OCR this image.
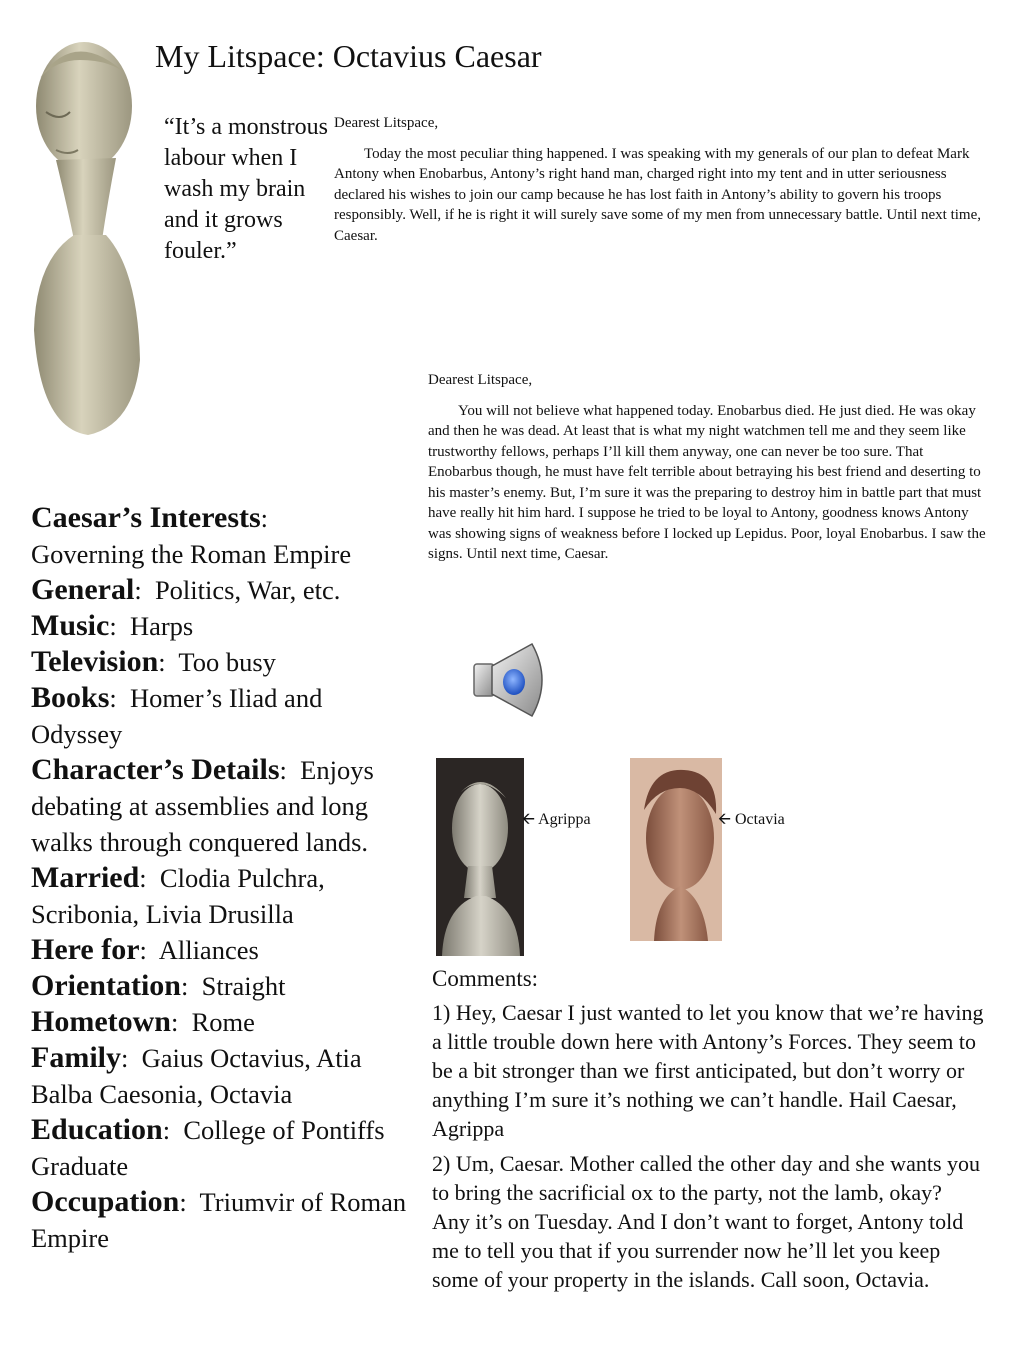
My Litspace: Octavius Caesar
“It’s a monstrous labour when I wash my brain and it grows fouler.”

Dearest Litspace,

Today the most peculiar thing happened. I was speaking with my generals of our plan to defeat Mark Antony when Enobarbus, Antony’s right hand man, charged right into my tent and in utter seriousness declared his wishes to join our camp because he has lost faith in Antony’s ability to govern his troops responsibly. Well, if he is right it will surely save some of my men from unnecessary battle. Until next time, Caesar.

Dearest Litspace,

You will not believe what happened today. Enobarbus died. He just died. He was okay and then he was dead. At least that is what my night watchmen tell me and they seem like trustworthy fellows, perhaps I’ll kill them anyway, one can never be too sure. That Enobarbus though, he must have felt terrible about betraying his best friend and deserting to his master’s enemy. But, I’m sure it was the preparing to destroy him in battle part that must have really hit him hard. I suppose he tried to be loyal to Antony, goodness knows Antony was showing signs of weakness before I locked up Lepidus. Poor, loyal Enobarbus. I saw the signs. Until next time, Caesar.

Caesar’s Interests:
Governing the Roman Empire

General:  Politics, War, etc.

Music:  Harps

Television:  Too busy

Books:  Homer’s Iliad and Odyssey

Character’s Details:  Enjoys debating at assemblies and long walks through conquered lands.

Married:  Clodia Pulchra, Scribonia, Livia Drusilla

Here for:  Alliances

Orientation:  Straight

Hometown:  Rome

Family:  Gaius Octavius, Atia Balba Caesonia, Octavia

Education:  College of Pontiffs Graduate

Occupation:  Triumvir of Roman Empire

🡨 Agrippa	🡨 Octavia
Comments:

1) Hey, Caesar I just wanted to let you know that we’re having a little trouble down here with Antony’s Forces. They seem to be a bit stronger than we first anticipated, but don’t worry or anything I’m sure it’s nothing we can’t handle. Hail Caesar, Agrippa

2) Um, Caesar. Mother called the other day and she wants you to bring the sacrificial ox to the party, not the lamb, okay? Any it’s on Tuesday. And I don’t want to forget, Antony told me to tell you that if you surrender now he’ll let you keep some of your property in the islands. Call soon, Octavia.
